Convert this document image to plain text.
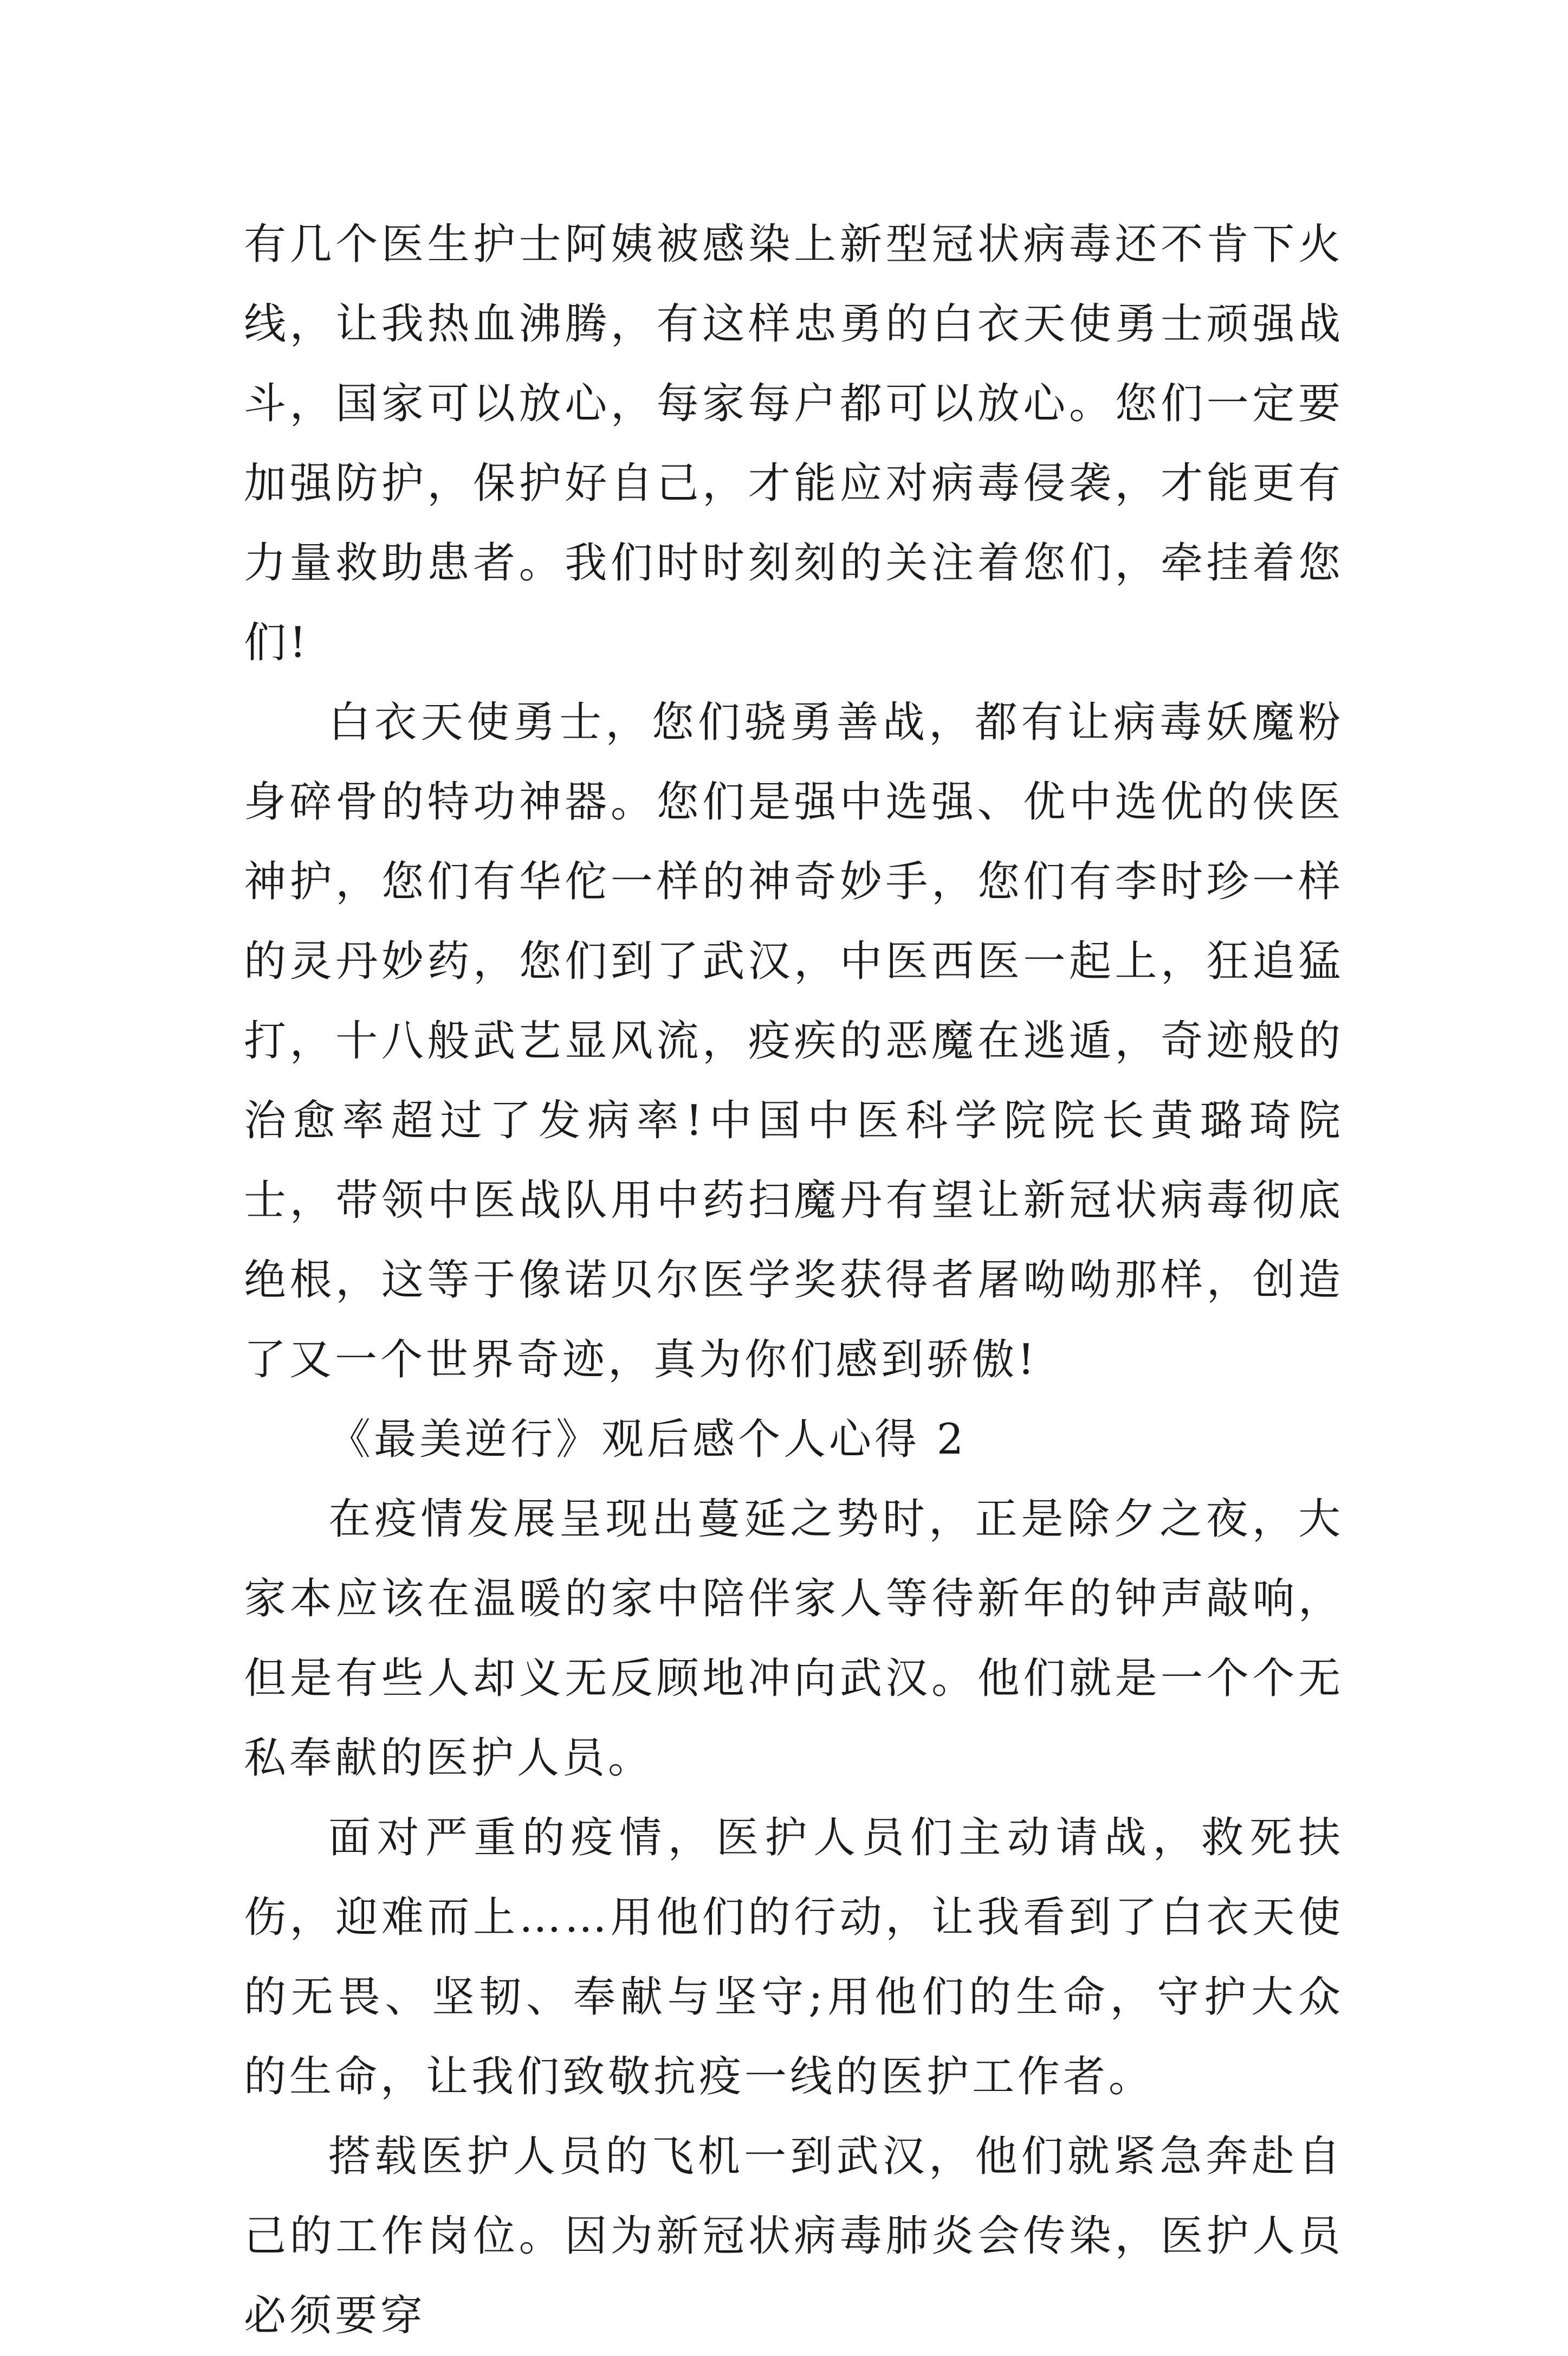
有几个医生护士阿姨被感染上新型冠状病毒还不肯下火线，让我热血沸腾，有这样忠勇的白衣天使勇士顽强战斗，国家可以放心，每家每户都可以放心。您们一定要加强防护，保护好自己，才能应对病毒侵袭，才能更有力量救助患者。我们时时刻刻的关注着您们，牵挂着您们!

白衣天使勇士，您们骁勇善战，都有让病毒妖魔粉身碎骨的特功神器。您们是强中选强、优中选优的侠医神护，您们有华佗一样的神奇妙手，您们有李时珍一样的灵丹妙药，您们到了武汉，中医西医一起上，狂追猛打，十八般武艺显风流，疫疾的恶魔在逃遁，奇迹般的治愈率超过了发病率!中国中医科学院院长黄璐琦院士，带领中医战队用中药扫魔丹有望让新冠状病毒彻底绝根，这等于像诺贝尔医学奖获得者屠呦呦那样，创造了又一个世界奇迹，真为你们感到骄傲!

《最美逆行》观后感个人心得 2

在疫情发展呈现出蔓延之势时，正是除夕之夜，大家本应该在温暖的家中陪伴家人等待新年的钟声敲响，但是有些人却义无反顾地冲向武汉。他们就是一个个无私奉献的医护人员。

面对严重的疫情，医护人员们主动请战，救死扶伤，迎难而上……用他们的行动，让我看到了白衣天使的无畏、坚韧、奉献与坚守;用他们的生命，守护大众的生命，让我们致敬抗疫一线的医护工作者。

搭载医护人员的飞机一到武汉，他们就紧急奔赴自己的工作岗位。因为新冠状病毒肺炎会传染，医护人员必须要穿
